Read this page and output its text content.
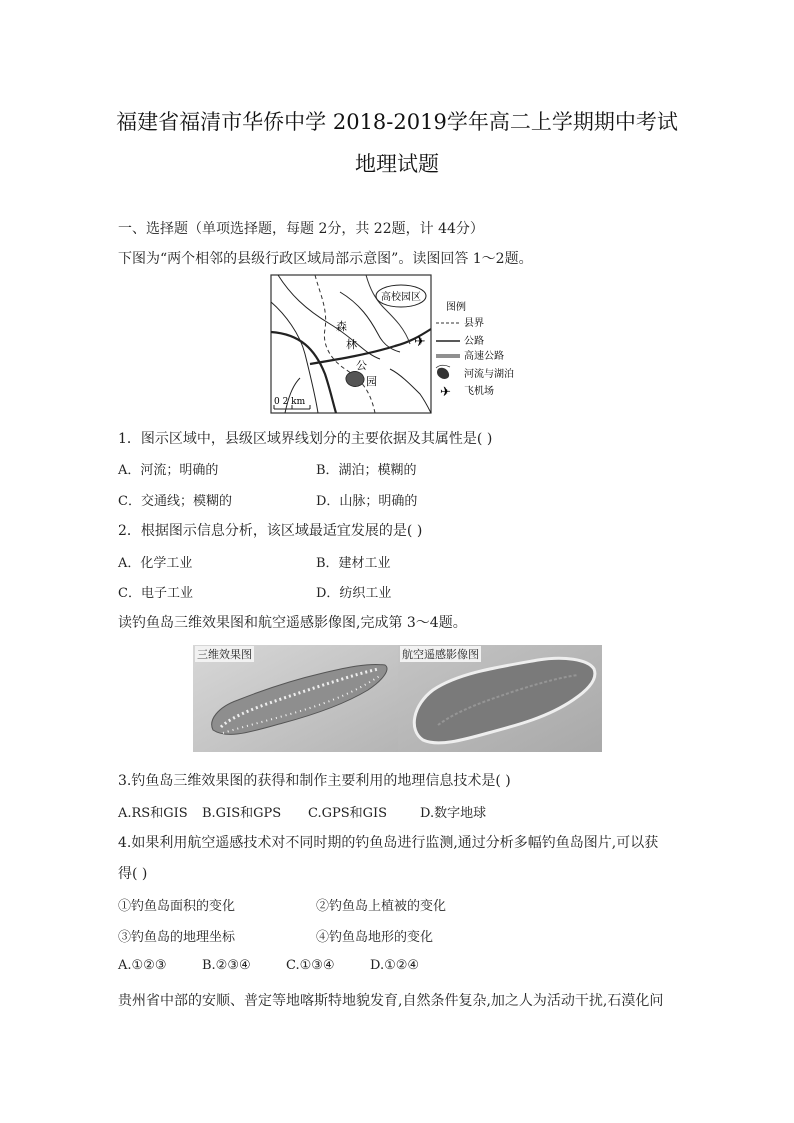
福建省福清市华侨中学 2018-2019学年高二上学期期中考试
地理试题
一、选择题（单项选择题，每题 2分，共 22题，计 44分）
下图为“两个相邻的县级行政区域局部示意图”。读图回答 1～2题。
高校园区
森
林
公
园
✈
0 2 km
图例
县界
公路
高速公路
河流与湖泊
✈ 飞机场
1．图示区域中，县级区域界线划分的主要依据及其属性是( )
A．河流；明确的	B．湖泊；模糊的
C．交通线；模糊的	D．山脉；明确的
2．根据图示信息分析，该区域最适宜发展的是( )
A．化学工业	B．建材工业
C．电子工业	D．纺织工业
读钓鱼岛三维效果图和航空遥感影像图,完成第 3～4题。
三维效果图	航空遥感影像图
3.钓鱼岛三维效果图的获得和制作主要利用的地理信息技术是( )
A.RS和GIS B.GIS和GPS C.GPS和GIS	D.数字地球
4.如果利用航空遥感技术对不同时期的钓鱼岛进行监测,通过分析多幅钓鱼岛图片,可以获
得( )
①钓鱼岛面积的变化	②钓鱼岛上植被的变化
③钓鱼岛的地理坐标	④钓鱼岛地形的变化
A.①②③	B.②③④	C.①③④	D.①②④
贵州省中部的安顺、普定等地喀斯特地貌发育,自然条件复杂,加之人为活动干扰,石漠化问
